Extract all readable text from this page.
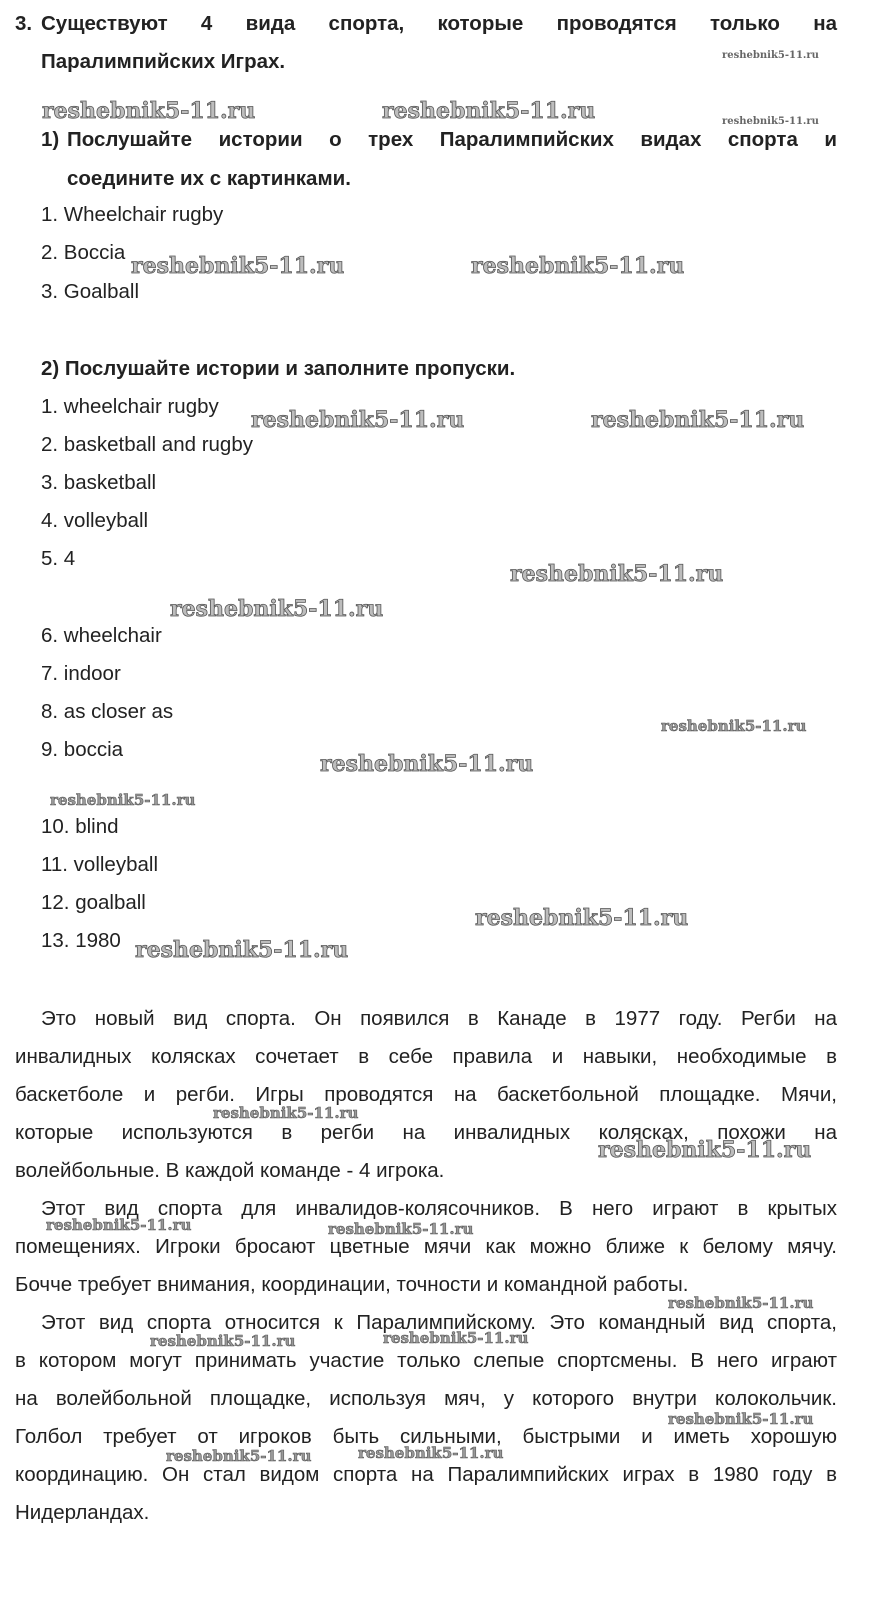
3. Существуют 4 вида спорта, которые проводятся только на
Паралимпийских Играх.
1) Послушайте истории о трех Паралимпийских видах спорта и
соедините их с картинками.
1. Wheelchair rugby
2. Boccia
3. Goalball
2) Послушайте истории и заполните пропуски.
1. wheelchair rugby
2. basketball and rugby
3. basketball
4. volleyball
5. 4
6. wheelchair
7. indoor
8. as closer as
9. boccia
10. blind
11. volleyball
12. goalball
13. 1980
Это новый вид спорта. Он появился в Канаде в 1977 году. Регби на
инвалидных колясках сочетает в себе правила и навыки, необходимые в
баскетболе и регби. Игры проводятся на баскетбольной площадке. Мячи,
которые используются в регби на инвалидных колясках, похожи на
волейбольные. В каждой команде - 4 игрока.
Этот вид спорта для инвалидов-колясочников. В него играют в крытых
помещениях. Игроки бросают цветные мячи как можно ближе к белому мячу.
Бочче требует внимания, координации, точности и командной работы.
Этот вид спорта относится к Паралимпийскому. Это командный вид спорта,
в котором могут принимать участие только слепые спортсмены. В него играют
на волейбольной площадке, используя мяч, у которого внутри колокольчик.
Голбол требует от игроков быть сильными, быстрыми и иметь хорошую
координацию. Он стал видом спорта на Паралимпийских играх в 1980 году в
Нидерландах.
reshebnik5-11.ru
reshebnik5-11.ru	reshebnik5-11.ru	reshebnik5-11.ru
reshebnik5-11.ru	reshebnik5-11.ru
reshebnik5-11.ru	reshebnik5-11.ru
reshebnik5-11.ru
reshebnik5-11.ru
reshebnik5-11.ru
reshebnik5-11.ru
reshebnik5-11.ru
reshebnik5-11.ru
reshebnik5-11.ru
reshebnik5-11.ru
reshebnik5-11.ru
reshebnik5-11.ru	reshebnik5-11.ru
reshebnik5-11.ru
reshebnik5-11.ru	reshebnik5-11.ru
reshebnik5-11.ru
reshebnik5-11.ru	reshebnik5-11.ru
